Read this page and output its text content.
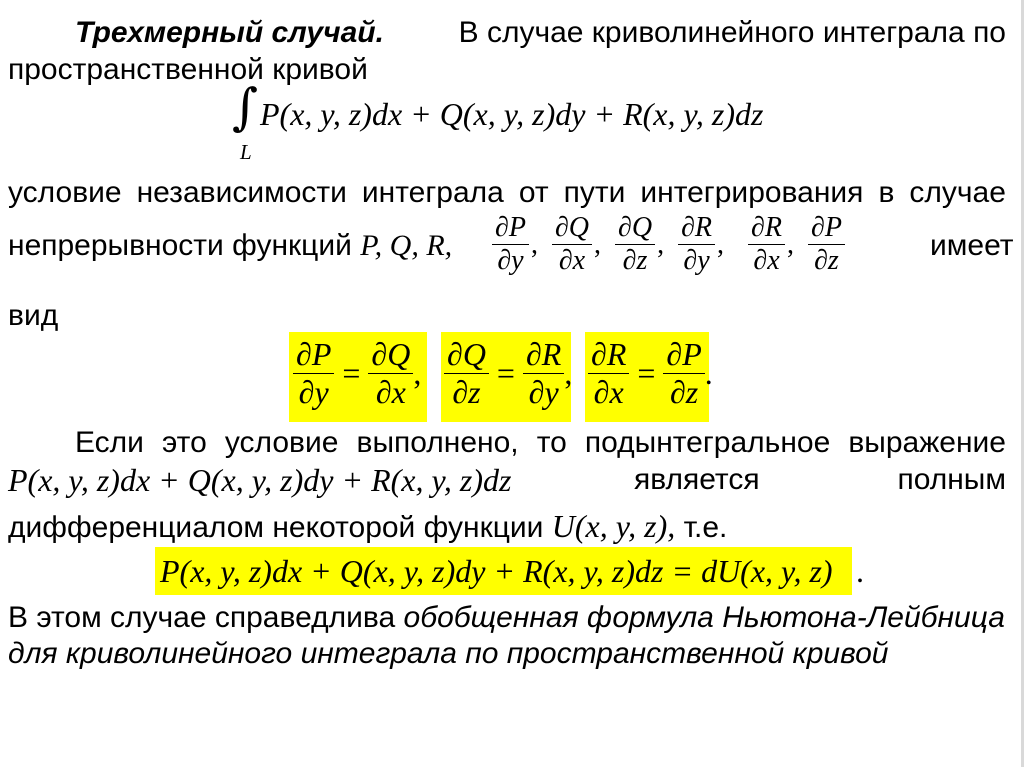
Трехмерный случай. В случае криволинейного интеграла по
пространственной кривой
∫
L
P(x, y, z)dx + Q(x, y, z)dy + R(x, y, z)dz
условие независимости интеграла от пути интегрирования в случае
непрерывности функций P, Q, R,	$\frac{\partial P}{\partial y}$ , $\frac{\partial Q}{\partial x}$ , $\frac{\partial Q}{\partial z}$ , $\frac{\partial R}{\partial y}$ , $\frac{\partial R}{\partial x}$ , $\frac{\partial P}{\partial z}$	имеет
вид
$\frac{\partial P}{\partial y} = \frac{\partial Q}{\partial x}$ , $\frac{\partial Q}{\partial z} = \frac{\partial R}{\partial y}$ , $\frac{\partial R}{\partial x} = \frac{\partial P}{\partial z}$ .
Если это условие выполнено, то подынтегральное выражение
P(x, y, z)dx + Q(x, y, z)dy + R(x, y, z)dz	является	полным
дифференциалом некоторой функции U(x, y, z), т.е.
P(x, y, z)dx + Q(x, y, z)dy + R(x, y, z)dz = dU(x, y, z) .
В этом случае справедлива обобщенная формула Ньютона-Лейбница
для криволинейного интеграла по пространственной кривой
